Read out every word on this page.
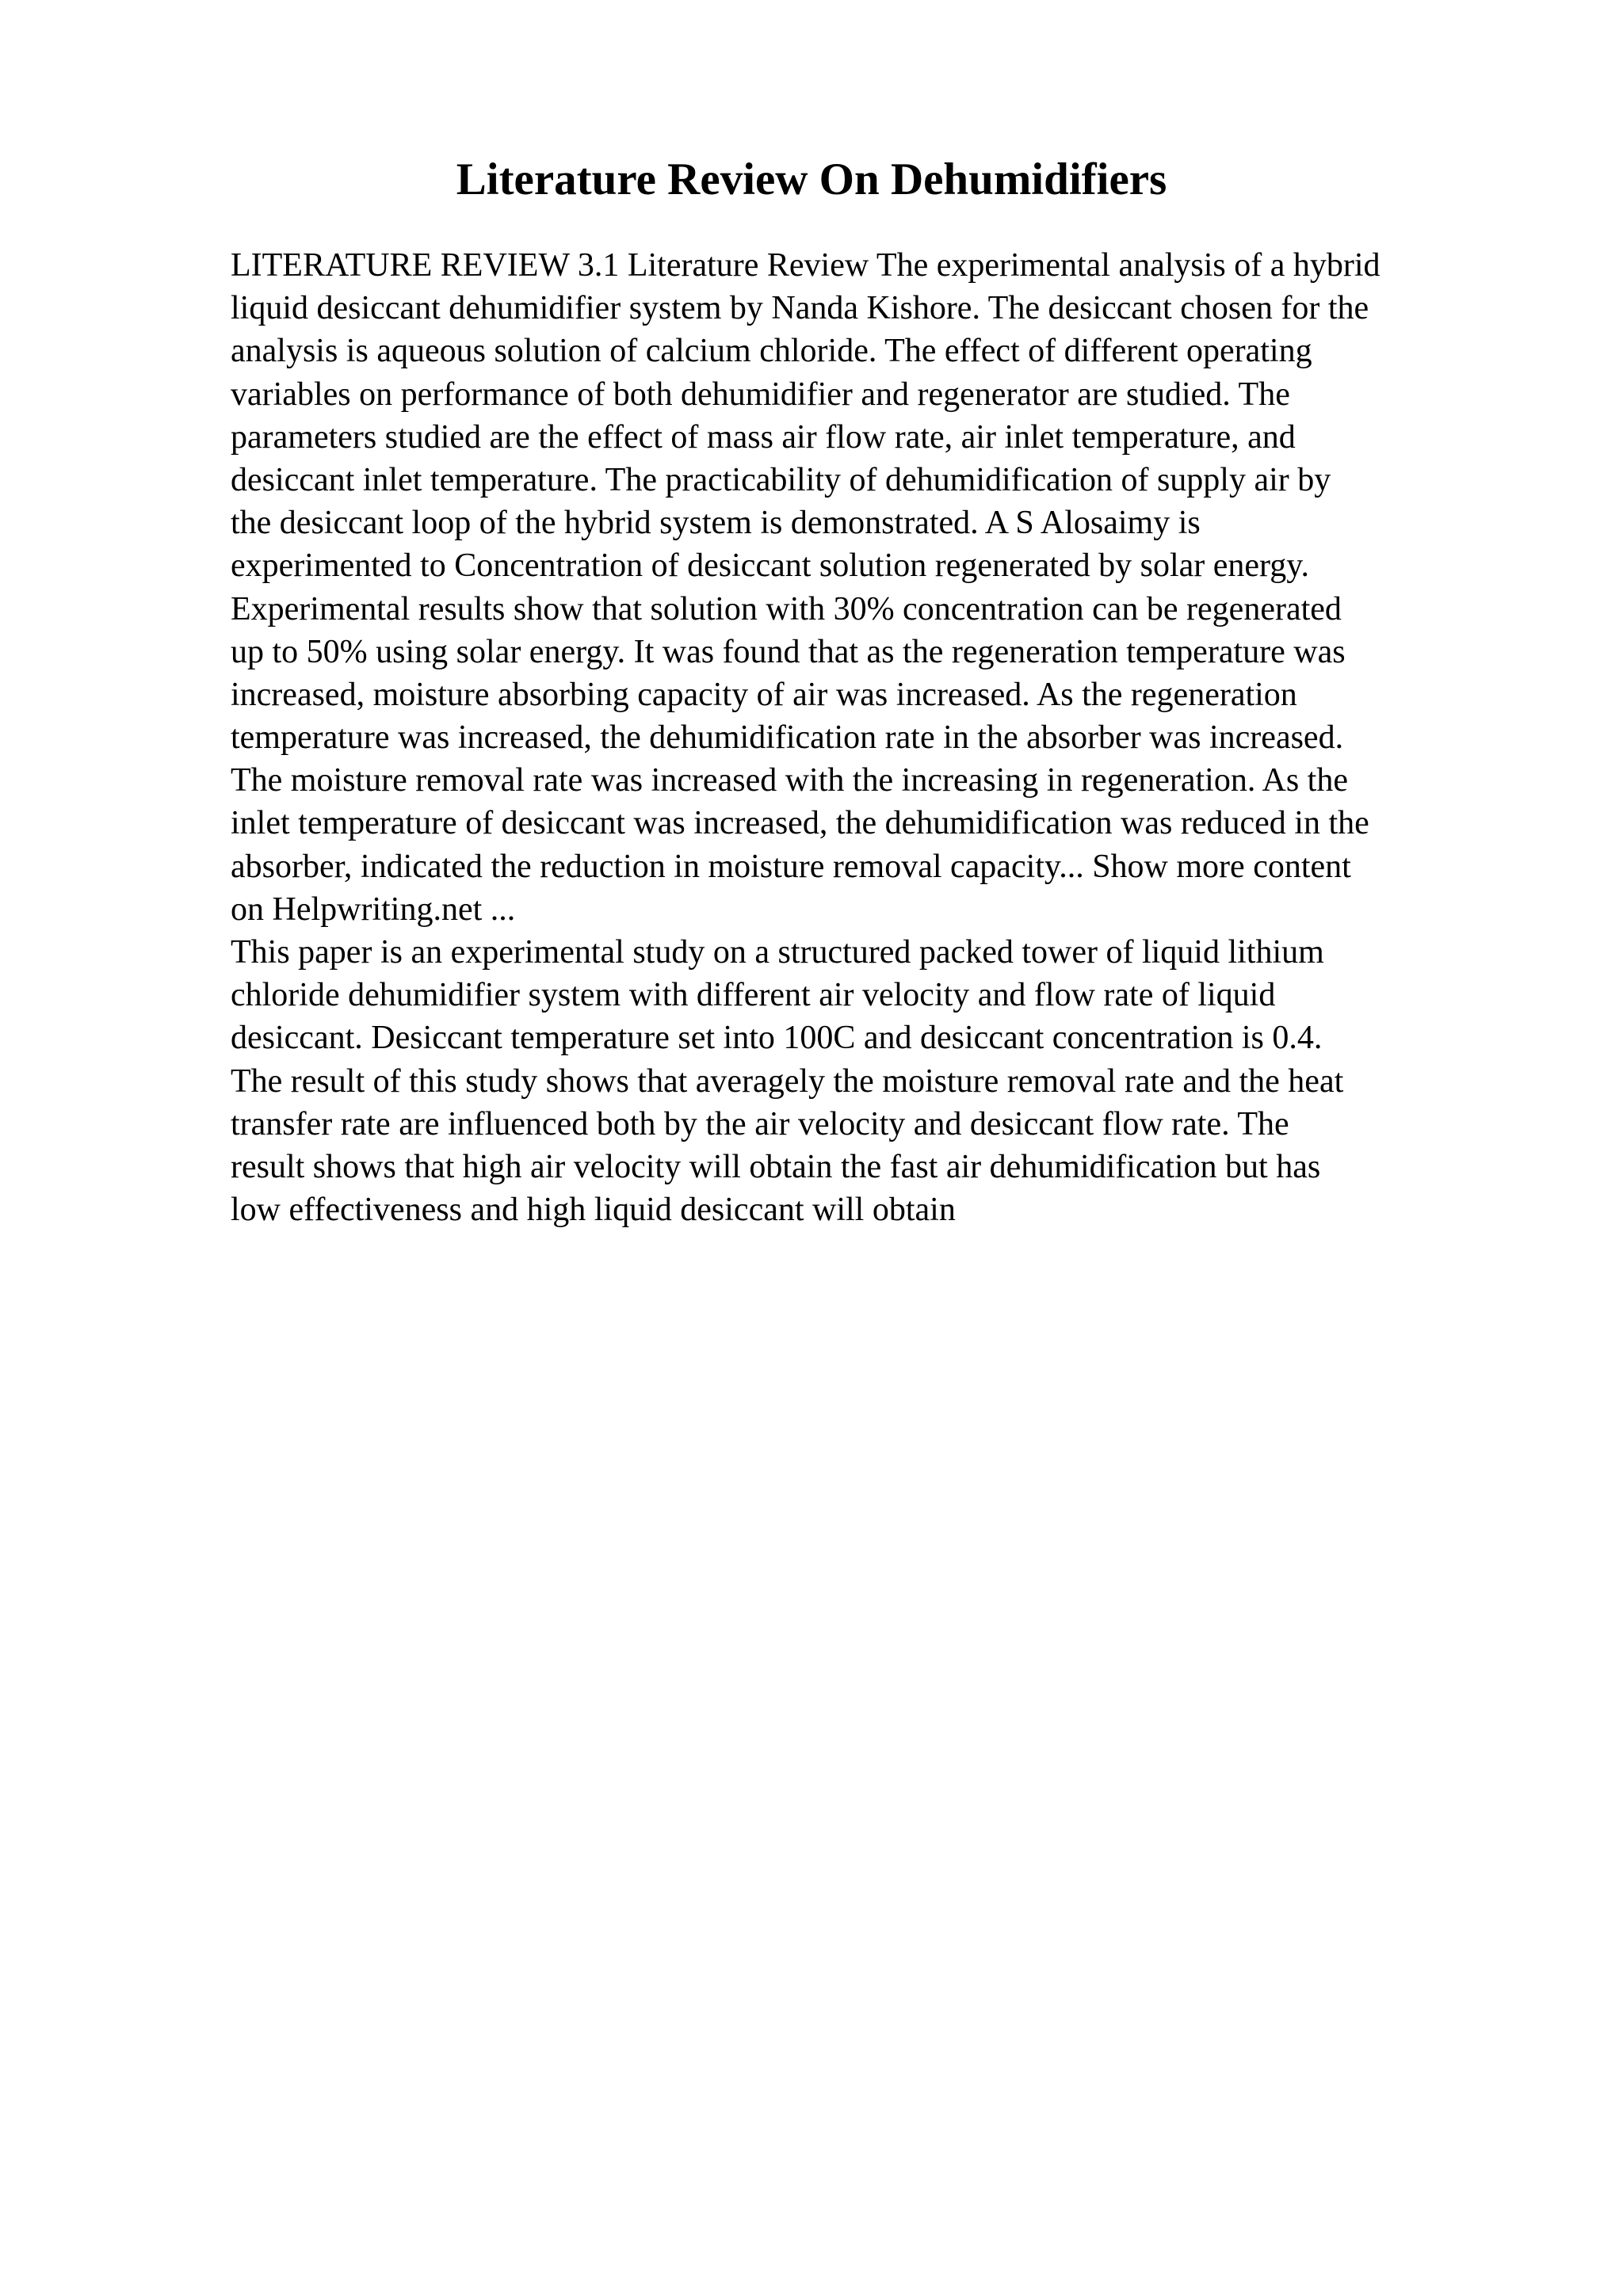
Literature Review On Dehumidifiers
LITERATURE REVIEW 3.1 Literature Review The experimental analysis of a hybrid
liquid desiccant dehumidifier system by Nanda Kishore. The desiccant chosen for the
analysis is aqueous solution of calcium chloride. The effect of different operating
variables on performance of both dehumidifier and regenerator are studied. The
parameters studied are the effect of mass air flow rate, air inlet temperature, and
desiccant inlet temperature. The practicability of dehumidification of supply air by
the desiccant loop of the hybrid system is demonstrated. A S Alosaimy is
experimented to Concentration of desiccant solution regenerated by solar energy.
Experimental results show that solution with 30% concentration can be regenerated
up to 50% using solar energy. It was found that as the regeneration temperature was
increased, moisture absorbing capacity of air was increased. As the regeneration
temperature was increased, the dehumidification rate in the absorber was increased.
The moisture removal rate was increased with the increasing in regeneration. As the
inlet temperature of desiccant was increased, the dehumidification was reduced in the
absorber, indicated the reduction in moisture removal capacity... Show more content
on Helpwriting.net ...
This paper is an experimental study on a structured packed tower of liquid lithium
chloride dehumidifier system with different air velocity and flow rate of liquid
desiccant. Desiccant temperature set into 100C and desiccant concentration is 0.4.
The result of this study shows that averagely the moisture removal rate and the heat
transfer rate are influenced both by the air velocity and desiccant flow rate. The
result shows that high air velocity will obtain the fast air dehumidification but has
low effectiveness and high liquid desiccant will obtain
